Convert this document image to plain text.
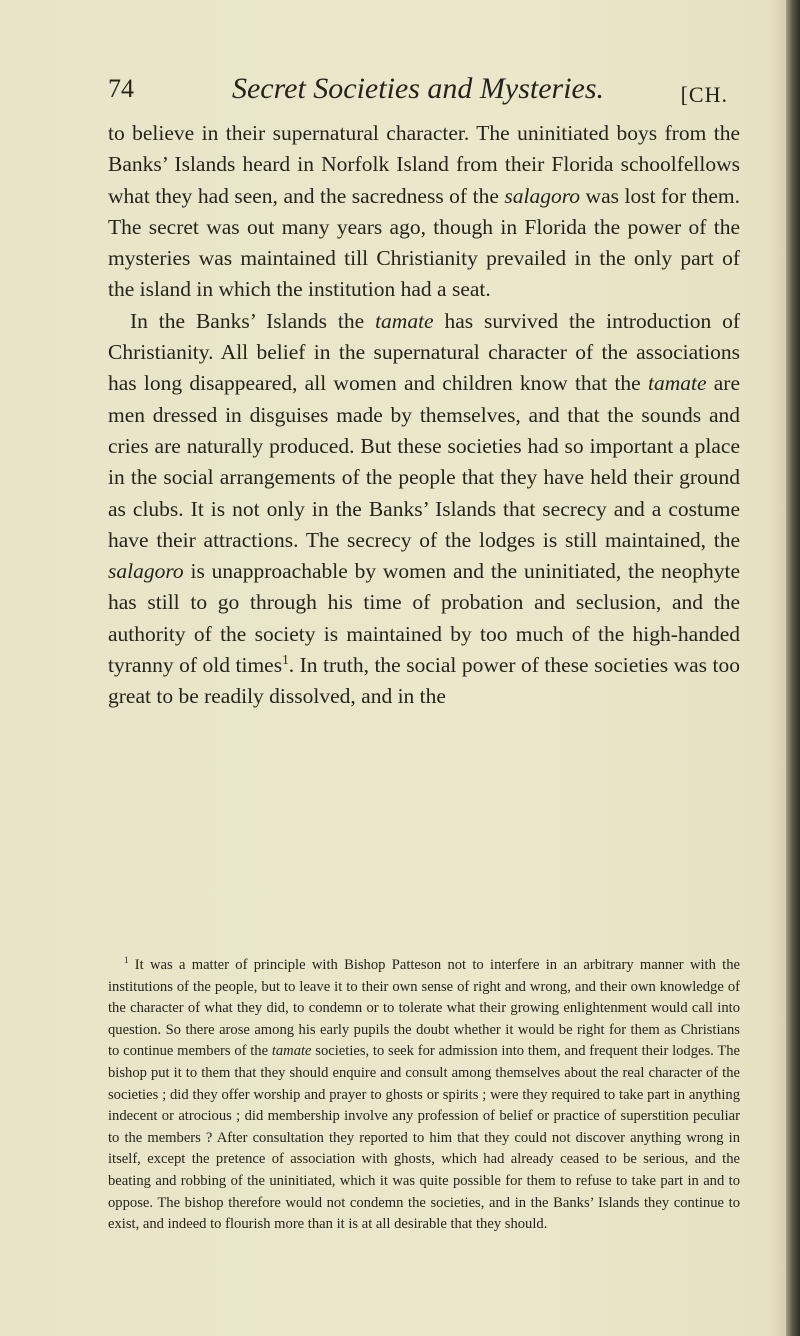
74	Secret Societies and Mysteries.	[CH.

to believe in their supernatural character. The uninitiated boys from the Banks’ Islands heard in Norfolk Island from their Florida schoolfellows what they had seen, and the sacredness of the salagoro was lost for them. The secret was out many years ago, though in Florida the power of the mysteries was maintained till Christianity prevailed in the only part of the island in which the institution had a seat.

In the Banks’ Islands the tamate has survived the introduction of Christianity. All belief in the supernatural character of the associations has long disappeared, all women and children know that the tamate are men dressed in disguises made by themselves, and that the sounds and cries are naturally produced. But these societies had so important a place in the social arrangements of the people that they have held their ground as clubs. It is not only in the Banks’ Islands that secrecy and a costume have their attractions. The secrecy of the lodges is still maintained, the salagoro is unapproachable by women and the uninitiated, the neophyte has still to go through his time of probation and seclusion, and the authority of the society is maintained by too much of the high-handed tyranny of old times$^1$. In truth, the social power of these societies was too great to be readily dissolved, and in the

$^1$ It was a matter of principle with Bishop Patteson not to interfere in an arbitrary manner with the institutions of the people, but to leave it to their own sense of right and wrong, and their own knowledge of the character of what they did, to condemn or to tolerate what their growing enlightenment would call into question. So there arose among his early pupils the doubt whether it would be right for them as Christians to continue members of the tamate societies, to seek for admission into them, and frequent their lodges. The bishop put it to them that they should enquire and consult among themselves about the real character of the societies ; did they offer worship and prayer to ghosts or spirits ; were they required to take part in anything indecent or atrocious ; did membership involve any profession of belief or practice of superstition peculiar to the members ? After consultation they reported to him that they could not discover anything wrong in itself, except the pretence of association with ghosts, which had already ceased to be serious, and the beating and robbing of the uninitiated, which it was quite possible for them to refuse to take part in and to oppose. The bishop therefore would not condemn the societies, and in the Banks’ Islands they continue to exist, and indeed to flourish more than it is at all desirable that they should.
